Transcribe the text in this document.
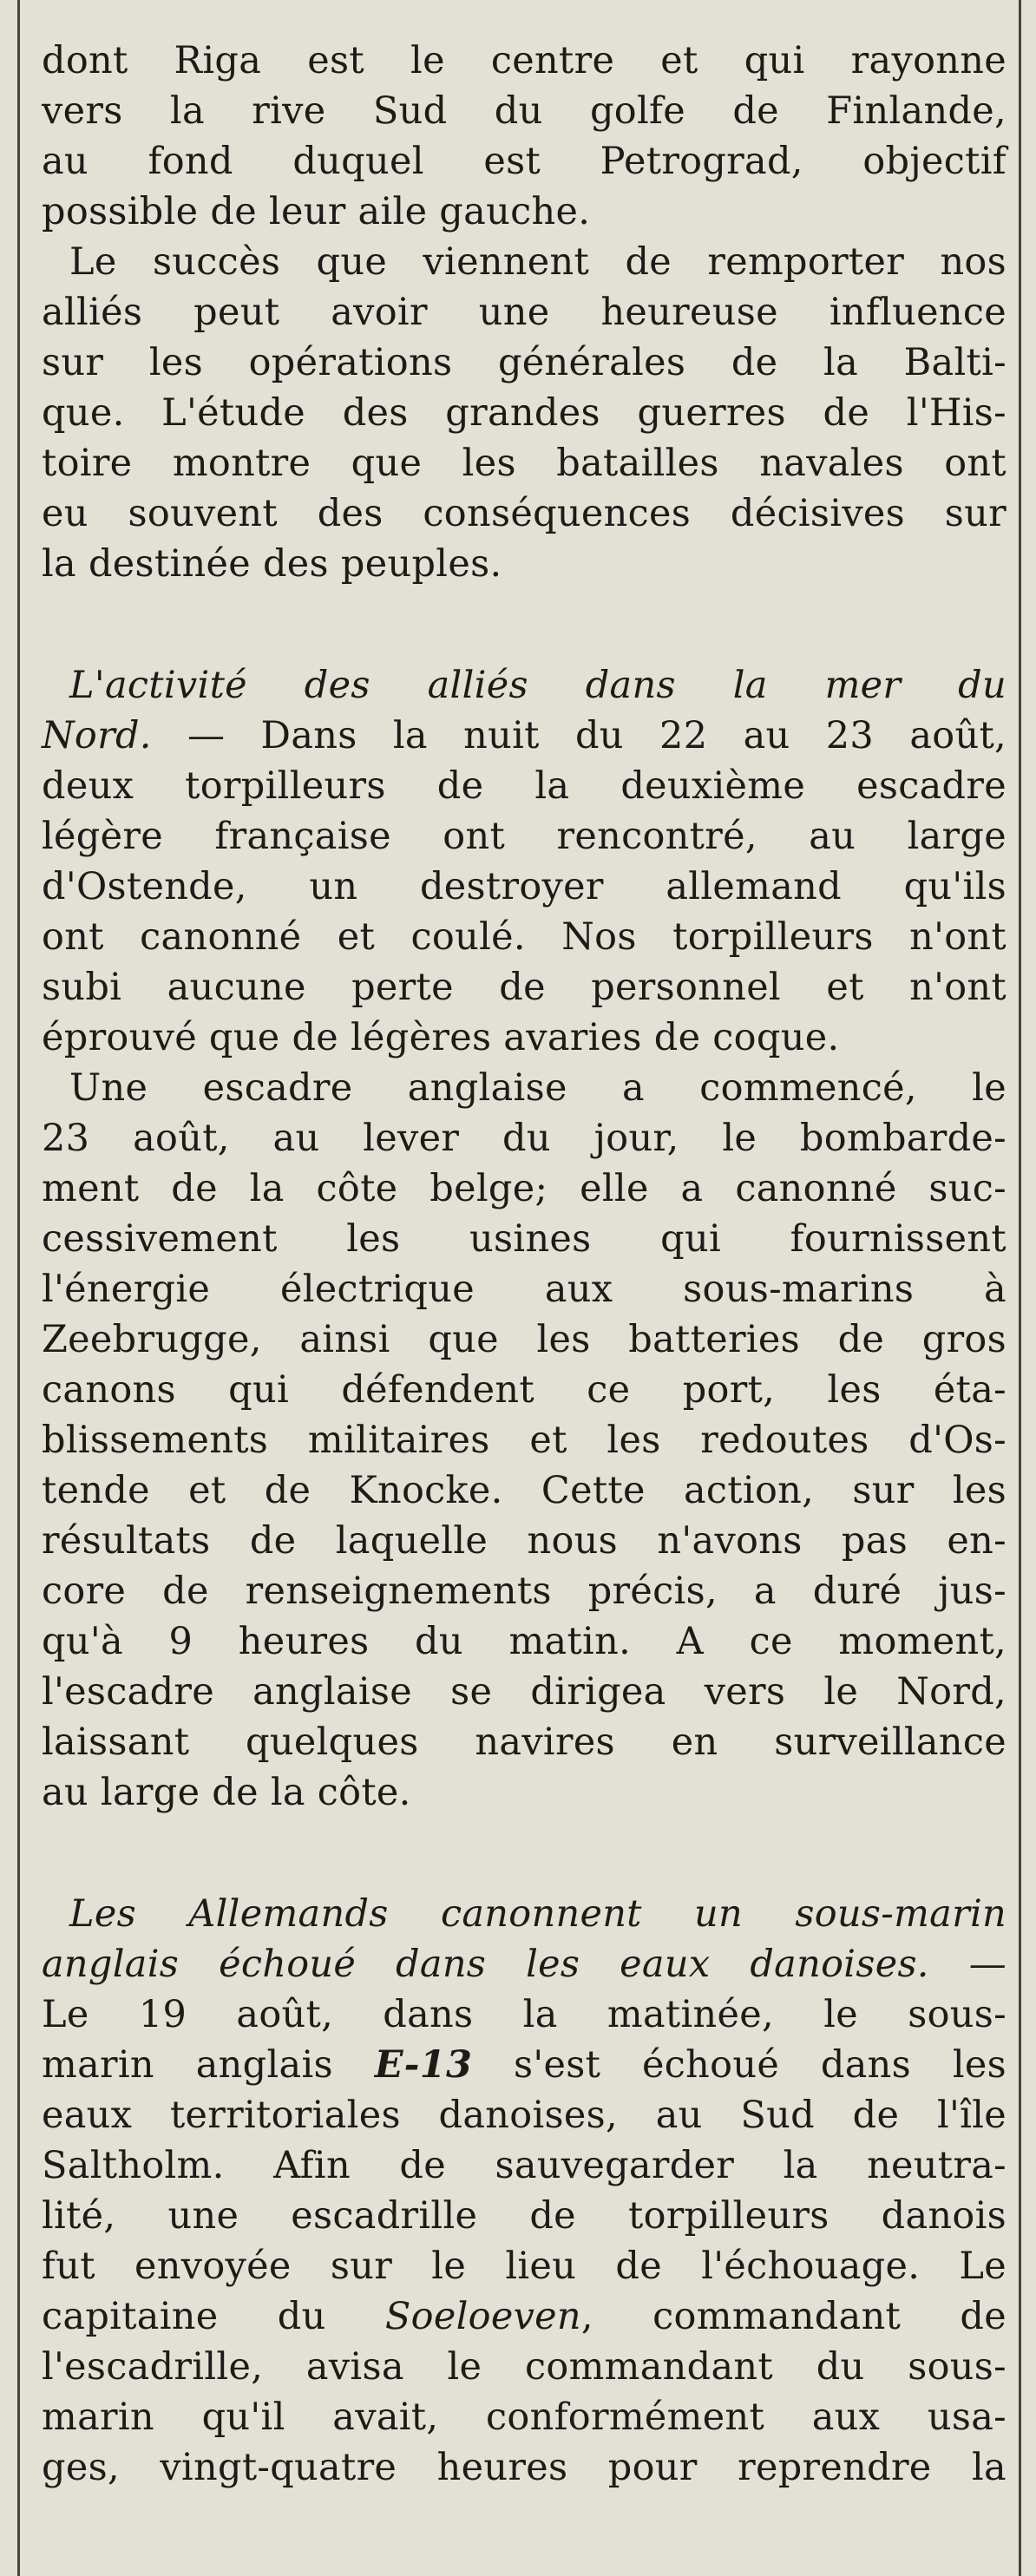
dont Riga est le centre et qui rayonne
vers la rive Sud du golfe de Finlande,
au fond duquel est Petrograd, objectif
possible de leur aile gauche.
Le succès que viennent de remporter nos
alliés peut avoir une heureuse influence
sur les opérations générales de la Balti-
que. L'étude des grandes guerres de l'His-
toire montre que les batailles navales ont
eu souvent des conséquences décisives sur
la destinée des peuples.
L'activité des alliés dans la mer du
Nord. — Dans la nuit du 22 au 23 août,
deux torpilleurs de la deuxième escadre
légère française ont rencontré, au large
d'Ostende, un destroyer allemand qu'ils
ont canonné et coulé. Nos torpilleurs n'ont
subi aucune perte de personnel et n'ont
éprouvé que de légères avaries de coque.
Une escadre anglaise a commencé, le
23 août, au lever du jour, le bombarde-
ment de la côte belge; elle a canonné suc-
cessivement les usines qui fournissent
l'énergie électrique aux sous-marins à
Zeebrugge, ainsi que les batteries de gros
canons qui défendent ce port, les éta-
blissements militaires et les redoutes d'Os-
tende et de Knocke. Cette action, sur les
résultats de laquelle nous n'avons pas en-
core de renseignements précis, a duré jus-
qu'à 9 heures du matin. A ce moment,
l'escadre anglaise se dirigea vers le Nord,
laissant quelques navires en surveillance
au large de la côte.
Les Allemands canonnent un sous-marin
anglais échoué dans les eaux danoises. —
Le 19 août, dans la matinée, le sous-
marin anglais E-13 s'est échoué dans les
eaux territoriales danoises, au Sud de l'île
Saltholm. Afin de sauvegarder la neutra-
lité, une escadrille de torpilleurs danois
fut envoyée sur le lieu de l'échouage. Le
capitaine du Soeloeven, commandant de
l'escadrille, avisa le commandant du sous-
marin qu'il avait, conformément aux usa-
ges, vingt-quatre heures pour reprendre la
